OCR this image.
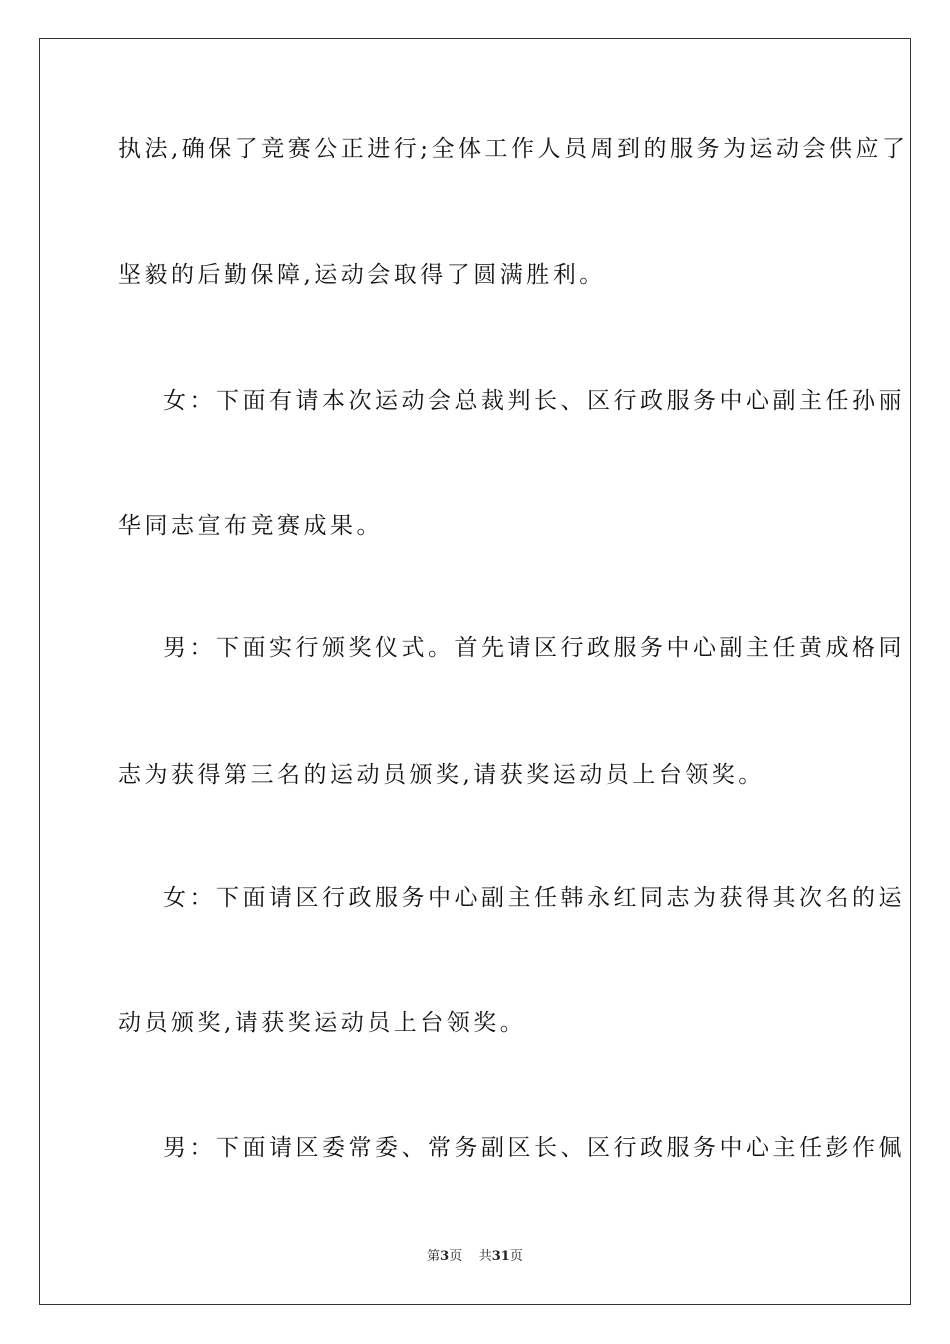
执法,确保了竞赛公正进行;全体工作人员周到的服务为运动会供应了
坚毅的后勤保障,运动会取得了圆满胜利。
女：下面有请本次运动会总裁判长、区行政服务中心副主任孙丽
华同志宣布竞赛成果。
男：下面实行颁奖仪式。首先请区行政服务中心副主任黄成格同
志为获得第三名的运动员颁奖,请获奖运动员上台领奖。
女：下面请区行政服务中心副主任韩永红同志为获得其次名的运
动员颁奖,请获奖运动员上台领奖。
男：下面请区委常委、常务副区长、区行政服务中心主任彭作佩
第3页 共31页
